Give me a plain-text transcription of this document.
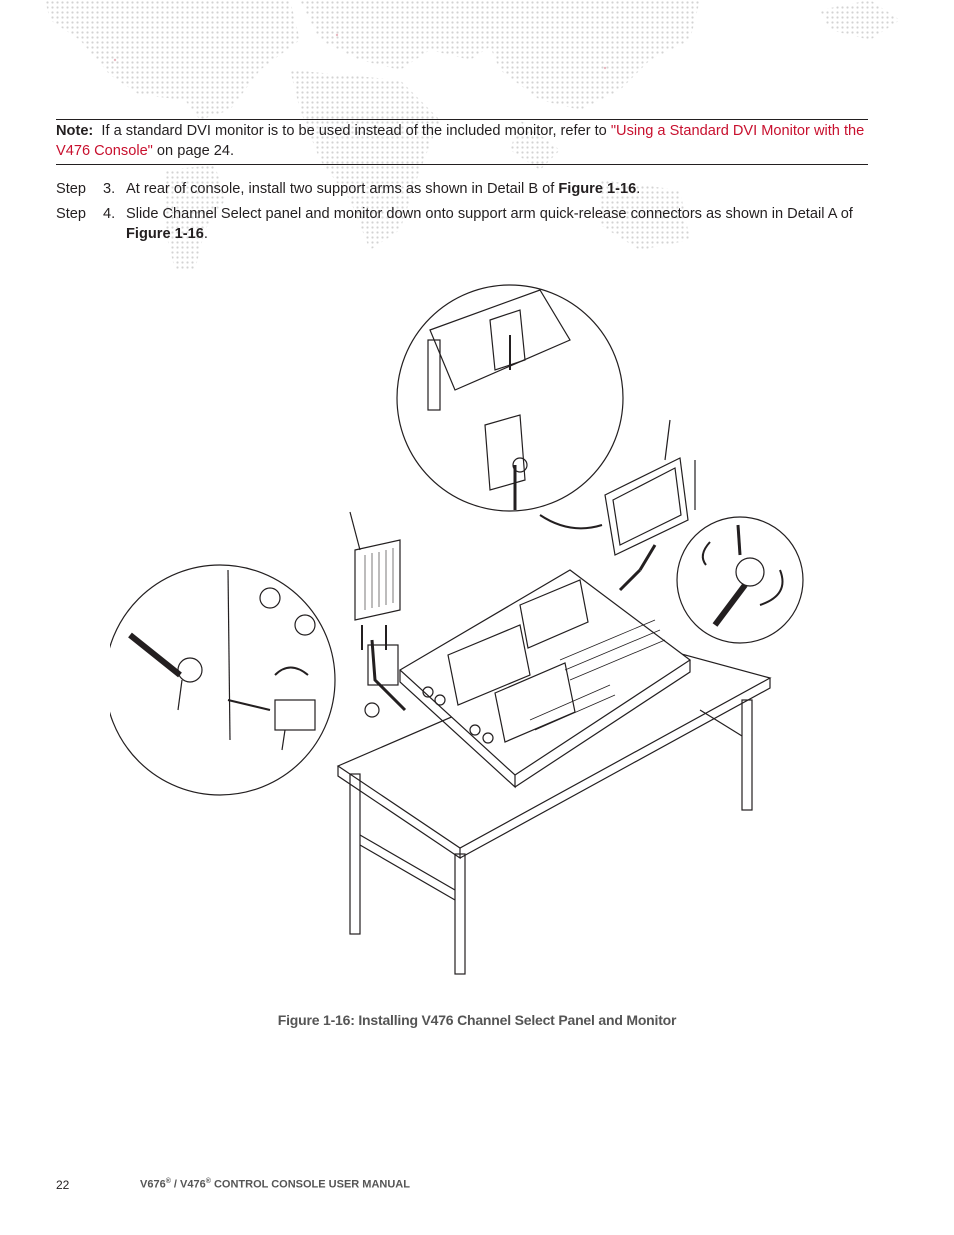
Note: If a standard DVI monitor is to be used instead of the included monitor, refer to "Using a Standard DVI Monitor with the V476 Console" on page 24.
Step 3. At rear of console, install two support arms as shown in Detail B of Figure 1-16.
Step 4. Slide Channel Select panel and monitor down onto support arm quick-release connectors as shown in Detail A of Figure 1-16.
Figure 1-16: Installing V476 Channel Select Panel and Monitor
22	V676® / V476® CONTROL CONSOLE USER MANUAL
